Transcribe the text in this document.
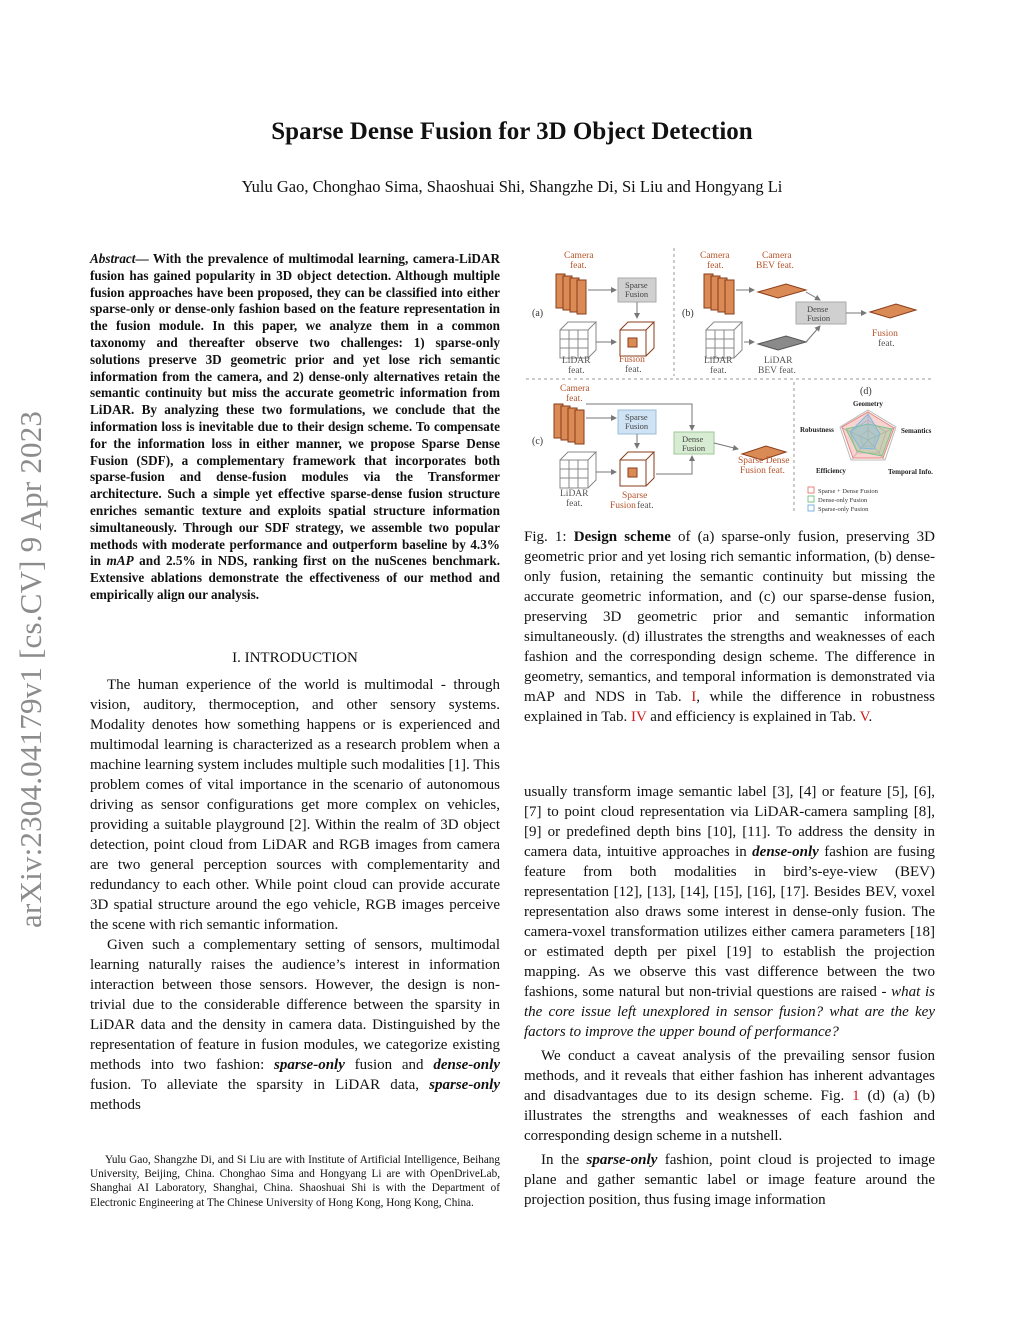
Sparse Dense Fusion for 3D Object Detection
Yulu Gao, Chonghao Sima, Shaoshuai Shi, Shangzhe Di, Si Liu and Hongyang Li
arXiv:2304.04179v1 [cs.CV] 9 Apr 2023
Abstract— With the prevalence of multimodal learning, camera-LiDAR fusion has gained popularity in 3D object detection. Although multiple fusion approaches have been proposed, they can be classified into either sparse-only or dense-only fashion based on the feature representation in the fusion module. In this paper, we analyze them in a common taxonomy and thereafter observe two challenges: 1) sparse-only solutions preserve 3D geometric prior and yet lose rich semantic information from the camera, and 2) dense-only alternatives retain the semantic continuity but miss the accurate geometric information from LiDAR. By analyzing these two formulations, we conclude that the information loss is inevitable due to their design scheme. To compensate for the information loss in either manner, we propose Sparse Dense Fusion (SDF), a complementary framework that incorporates both sparse-fusion and dense-fusion modules via the Transformer architecture. Such a simple yet effective sparse-dense fusion structure enriches semantic texture and exploits spatial structure information simultaneously. Through our SDF strategy, we assemble two popular methods with moderate performance and outperform baseline by 4.3% in mAP and 2.5% in NDS, ranking first on the nuScenes benchmark. Extensive ablations demonstrate the effectiveness of our method and empirically align our analysis.
I. INTRODUCTION

The human experience of the world is multimodal - through vision, auditory, thermoception, and other sensory systems. Modality denotes how something happens or is experienced and multimodal learning is characterized as a research problem when a machine learning system includes multiple such modalities [1]. This problem comes of vital importance in the scenario of autonomous driving as sensor configurations get more complex on vehicles, providing a suitable playground [2]. Within the realm of 3D object detection, point cloud from LiDAR and RGB images from camera are two general perception sources with complementarity and redundancy to each other. While point cloud can provide accurate 3D spatial structure around the ego vehicle, RGB images perceive the scene with rich semantic information.

Given such a complementary setting of sensors, multimodal learning naturally raises the audience’s interest in information interaction between those sensors. However, the design is non-trivial due to the considerable difference between the sparsity in LiDAR data and the density in camera data. Distinguished by the representation of feature in fusion modules, we categorize existing methods into two fashion: sparse-only fusion and dense-only fusion. To alleviate the sparsity in LiDAR data, sparse-only methods

Yulu Gao, Shangzhe Di, and Si Liu are with Institute of Artificial Intelligence, Beihang University, Beijing, China. Chonghao Sima and Hongyang Li are with OpenDriveLab, Shanghai AI Laboratory, Shanghai, China. Shaoshuai Shi is with the Department of Electronic Engineering at The Chinese University of Hong Kong, Hong Kong, China.

(a)
Camera
feat.
LiDAR
feat.
Sparse
Fusion
Fusion
feat.
(b)
Camera
feat.
Camera
BEV feat.
LiDAR
feat.
LiDAR
BEV feat.
Dense
Fusion
Fusion
feat.
(c)
Camera
feat.
Sparse
Fusion
LiDAR
feat.
Sparse
Fusion feat.
Dense
Fusion
Sparse Dense
Fusion feat.
(d)
Geometry
Semantics
Temporal Info.
Efficiency
Robustness
Sparse + Dense Fusion
Dense-only Fusion
Sparse-only Fusion
Fig. 1: Design scheme of (a) sparse-only fusion, preserving 3D geometric prior and yet losing rich semantic information, (b) dense-only fusion, retaining the semantic continuity but missing the accurate geometric information, and (c) our sparse-dense fusion, preserving 3D geometric prior and semantic information simultaneously. (d) illustrates the strengths and weaknesses of each fashion and the corresponding design scheme. The difference in geometry, semantics, and temporal information is demonstrated via mAP and NDS in Tab. I, while the difference in robustness explained in Tab. IV and efficiency is explained in Tab. V.

usually transform image semantic label [3], [4] or feature [5], [6], [7] to point cloud representation via LiDAR-camera sampling [8], [9] or predefined depth bins [10], [11]. To address the density in camera data, intuitive approaches in dense-only fashion are fusing feature from both modalities in bird’s-eye-view (BEV) representation [12], [13], [14], [15], [16], [17]. Besides BEV, voxel representation also draws some interest in dense-only fusion. The camera-voxel transformation utilizes either camera parameters [18] or estimated depth per pixel [19] to establish the projection mapping. As we observe this vast difference between the two fashions, some natural but non-trivial questions are raised - what is the core issue left unexplored in sensor fusion? what are the key factors to improve the upper bound of performance?

We conduct a caveat analysis of the prevailing sensor fusion methods, and it reveals that either fashion has inherent advantages and disadvantages due to its design scheme. Fig. 1 (d) (a) (b) illustrates the strengths and weaknesses of each fashion and corresponding design scheme in a nutshell.

In the sparse-only fashion, point cloud is projected to image plane and gather semantic label or image feature around the projection position, thus fusing image information
